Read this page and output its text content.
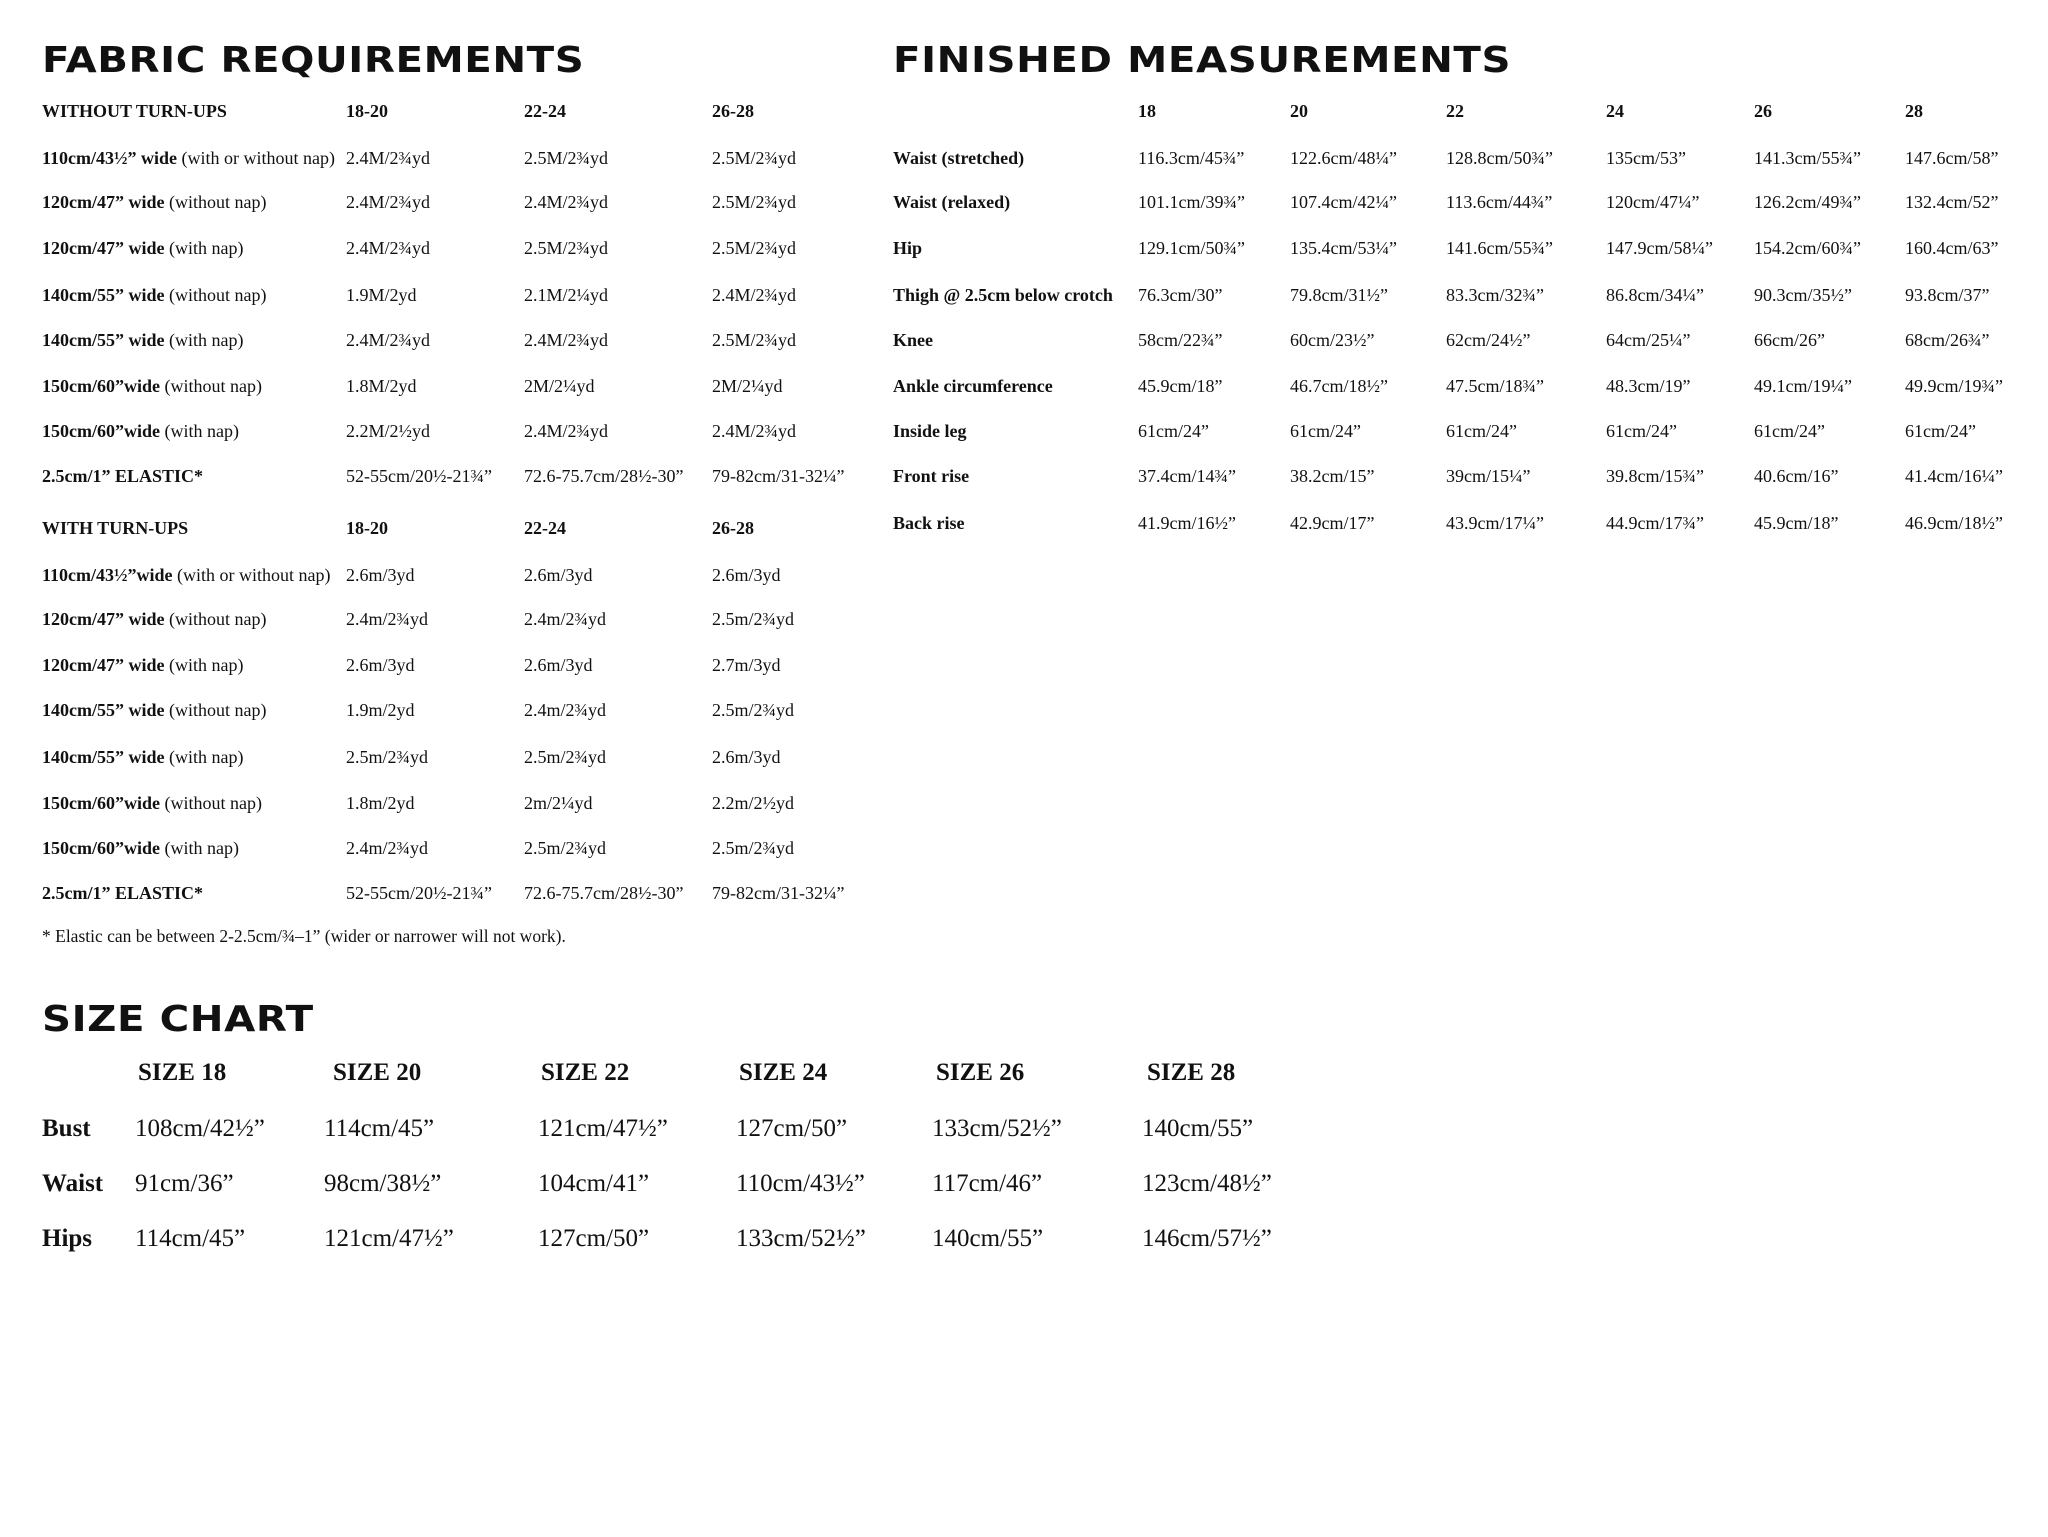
FABRIC REQUIREMENTS	FINISHED MEASUREMENTS
SIZE CHART
WITHOUT TURN-UPS	18-20	22-24	26-28
110cm/43½” wide (with or without nap) 2.4M/2¾yd	2.5M/2¾yd	2.5M/2¾yd
120cm/47” wide (without nap)	2.4M/2¾yd	2.4M/2¾yd	2.5M/2¾yd
120cm/47” wide (with nap)	2.4M/2¾yd	2.5M/2¾yd	2.5M/2¾yd
140cm/55” wide (without nap)	1.9M/2yd	2.1M/2¼yd	2.4M/2¾yd
140cm/55” wide (with nap)	2.4M/2¾yd	2.4M/2¾yd	2.5M/2¾yd
150cm/60”wide (without nap)	1.8M/2yd	2M/2¼yd	2M/2¼yd
150cm/60”wide (with nap)	2.2M/2½yd	2.4M/2¾yd	2.4M/2¾yd
2.5cm/1” ELASTIC*	52-55cm/20½-21¾” 72.6-75.7cm/28½-30” 79-82cm/31-32¼”
WITH TURN-UPS	18-20	22-24	26-28
110cm/43½”wide (with or without nap) 2.6m/3yd	2.6m/3yd	2.6m/3yd
120cm/47” wide (without nap)	2.4m/2¾yd	2.4m/2¾yd	2.5m/2¾yd
120cm/47” wide (with nap)	2.6m/3yd	2.6m/3yd	2.7m/3yd
140cm/55” wide (without nap)	1.9m/2yd	2.4m/2¾yd	2.5m/2¾yd
140cm/55” wide (with nap)	2.5m/2¾yd	2.5m/2¾yd	2.6m/3yd
150cm/60”wide (without nap)	1.8m/2yd	2m/2¼yd	2.2m/2½yd
150cm/60”wide (with nap)	2.4m/2¾yd	2.5m/2¾yd	2.5m/2¾yd
2.5cm/1” ELASTIC*	52-55cm/20½-21¾” 72.6-75.7cm/28½-30” 79-82cm/31-32¼”
* Elastic can be between 2-2.5cm/¾–1” (wider or narrower will not work).
18	20	22	24	26	28
Waist (stretched)	116.3cm/45¾”	122.6cm/48¼”	128.8cm/50¾”	135cm/53”	141.3cm/55¾” 147.6cm/58”
Waist (relaxed)	101.1cm/39¾”	107.4cm/42¼”	113.6cm/44¾”	120cm/47¼”	126.2cm/49¾” 132.4cm/52”
Hip	129.1cm/50¾”	135.4cm/53¼”	141.6cm/55¾”	147.9cm/58¼” 154.2cm/60¾” 160.4cm/63”
Thigh @ 2.5cm below crotch 76.3cm/30”	79.8cm/31½”	83.3cm/32¾”	86.8cm/34¼”	90.3cm/35½”	93.8cm/37”
Knee	58cm/22¾”	60cm/23½”	62cm/24½”	64cm/25¼”	66cm/26”	68cm/26¾”
Ankle circumference	45.9cm/18”	46.7cm/18½”	47.5cm/18¾”	48.3cm/19”	49.1cm/19¼”	49.9cm/19¾”
Inside leg	61cm/24”	61cm/24”	61cm/24”	61cm/24”	61cm/24”	61cm/24”
Front rise	37.4cm/14¾”	38.2cm/15”	39cm/15¼”	39.8cm/15¾”	40.6cm/16”	41.4cm/16¼”
Back rise	41.9cm/16½”	42.9cm/17”	43.9cm/17¼”	44.9cm/17¾”	45.9cm/18”	46.9cm/18½”
SIZE 18	SIZE 20	SIZE 22	SIZE 24	SIZE 26	SIZE 28
Bust 108cm/42½” 114cm/45”	121cm/47½”	127cm/50”	133cm/52½”	140cm/55”
Waist 91cm/36”	98cm/38½”	104cm/41”	110cm/43½”	117cm/46”	123cm/48½”
Hips 114cm/45”	121cm/47½”	127cm/50”	133cm/52½”	140cm/55”	146cm/57½”
